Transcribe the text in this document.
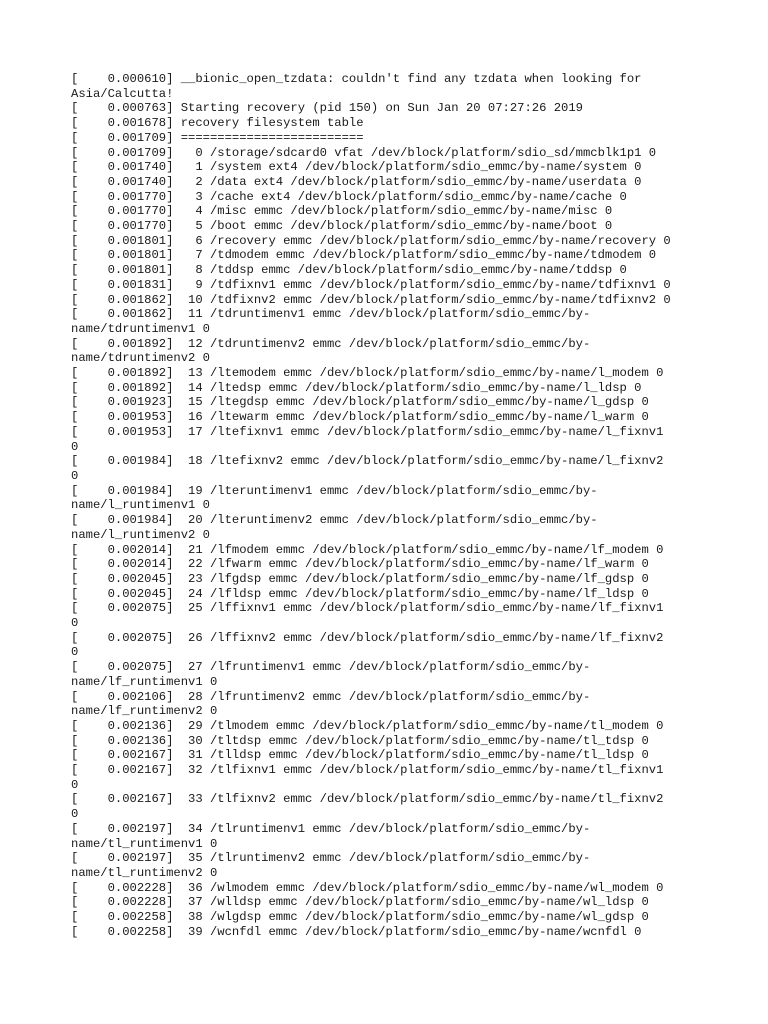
[    0.000610] __bionic_open_tzdata: couldn't find any tzdata when looking for
Asia/Calcutta!
[    0.000763] Starting recovery (pid 150) on Sun Jan 20 07:27:26 2019
[    0.001678] recovery filesystem table
[    0.001709] =========================
[    0.001709]   0 /storage/sdcard0 vfat /dev/block/platform/sdio_sd/mmcblk1p1 0
[    0.001740]   1 /system ext4 /dev/block/platform/sdio_emmc/by-name/system 0
[    0.001740]   2 /data ext4 /dev/block/platform/sdio_emmc/by-name/userdata 0
[    0.001770]   3 /cache ext4 /dev/block/platform/sdio_emmc/by-name/cache 0
[    0.001770]   4 /misc emmc /dev/block/platform/sdio_emmc/by-name/misc 0
[    0.001770]   5 /boot emmc /dev/block/platform/sdio_emmc/by-name/boot 0
[    0.001801]   6 /recovery emmc /dev/block/platform/sdio_emmc/by-name/recovery 0
[    0.001801]   7 /tdmodem emmc /dev/block/platform/sdio_emmc/by-name/tdmodem 0
[    0.001801]   8 /tddsp emmc /dev/block/platform/sdio_emmc/by-name/tddsp 0
[    0.001831]   9 /tdfixnv1 emmc /dev/block/platform/sdio_emmc/by-name/tdfixnv1 0
[    0.001862]  10 /tdfixnv2 emmc /dev/block/platform/sdio_emmc/by-name/tdfixnv2 0
[    0.001862]  11 /tdruntimenv1 emmc /dev/block/platform/sdio_emmc/by-
name/tdruntimenv1 0
[    0.001892]  12 /tdruntimenv2 emmc /dev/block/platform/sdio_emmc/by-
name/tdruntimenv2 0
[    0.001892]  13 /ltemodem emmc /dev/block/platform/sdio_emmc/by-name/l_modem 0
[    0.001892]  14 /ltedsp emmc /dev/block/platform/sdio_emmc/by-name/l_ldsp 0
[    0.001923]  15 /ltegdsp emmc /dev/block/platform/sdio_emmc/by-name/l_gdsp 0
[    0.001953]  16 /ltewarm emmc /dev/block/platform/sdio_emmc/by-name/l_warm 0
[    0.001953]  17 /ltefixnv1 emmc /dev/block/platform/sdio_emmc/by-name/l_fixnv1
0
[    0.001984]  18 /ltefixnv2 emmc /dev/block/platform/sdio_emmc/by-name/l_fixnv2
0
[    0.001984]  19 /lteruntimenv1 emmc /dev/block/platform/sdio_emmc/by-
name/l_runtimenv1 0
[    0.001984]  20 /lteruntimenv2 emmc /dev/block/platform/sdio_emmc/by-
name/l_runtimenv2 0
[    0.002014]  21 /lfmodem emmc /dev/block/platform/sdio_emmc/by-name/lf_modem 0
[    0.002014]  22 /lfwarm emmc /dev/block/platform/sdio_emmc/by-name/lf_warm 0
[    0.002045]  23 /lfgdsp emmc /dev/block/platform/sdio_emmc/by-name/lf_gdsp 0
[    0.002045]  24 /lfldsp emmc /dev/block/platform/sdio_emmc/by-name/lf_ldsp 0
[    0.002075]  25 /lffixnv1 emmc /dev/block/platform/sdio_emmc/by-name/lf_fixnv1
0
[    0.002075]  26 /lffixnv2 emmc /dev/block/platform/sdio_emmc/by-name/lf_fixnv2
0
[    0.002075]  27 /lfruntimenv1 emmc /dev/block/platform/sdio_emmc/by-
name/lf_runtimenv1 0
[    0.002106]  28 /lfruntimenv2 emmc /dev/block/platform/sdio_emmc/by-
name/lf_runtimenv2 0
[    0.002136]  29 /tlmodem emmc /dev/block/platform/sdio_emmc/by-name/tl_modem 0
[    0.002136]  30 /tltdsp emmc /dev/block/platform/sdio_emmc/by-name/tl_tdsp 0
[    0.002167]  31 /tlldsp emmc /dev/block/platform/sdio_emmc/by-name/tl_ldsp 0
[    0.002167]  32 /tlfixnv1 emmc /dev/block/platform/sdio_emmc/by-name/tl_fixnv1
0
[    0.002167]  33 /tlfixnv2 emmc /dev/block/platform/sdio_emmc/by-name/tl_fixnv2
0
[    0.002197]  34 /tlruntimenv1 emmc /dev/block/platform/sdio_emmc/by-
name/tl_runtimenv1 0
[    0.002197]  35 /tlruntimenv2 emmc /dev/block/platform/sdio_emmc/by-
name/tl_runtimenv2 0
[    0.002228]  36 /wlmodem emmc /dev/block/platform/sdio_emmc/by-name/wl_modem 0
[    0.002228]  37 /wlldsp emmc /dev/block/platform/sdio_emmc/by-name/wl_ldsp 0
[    0.002258]  38 /wlgdsp emmc /dev/block/platform/sdio_emmc/by-name/wl_gdsp 0
[    0.002258]  39 /wcnfdl emmc /dev/block/platform/sdio_emmc/by-name/wcnfdl 0
